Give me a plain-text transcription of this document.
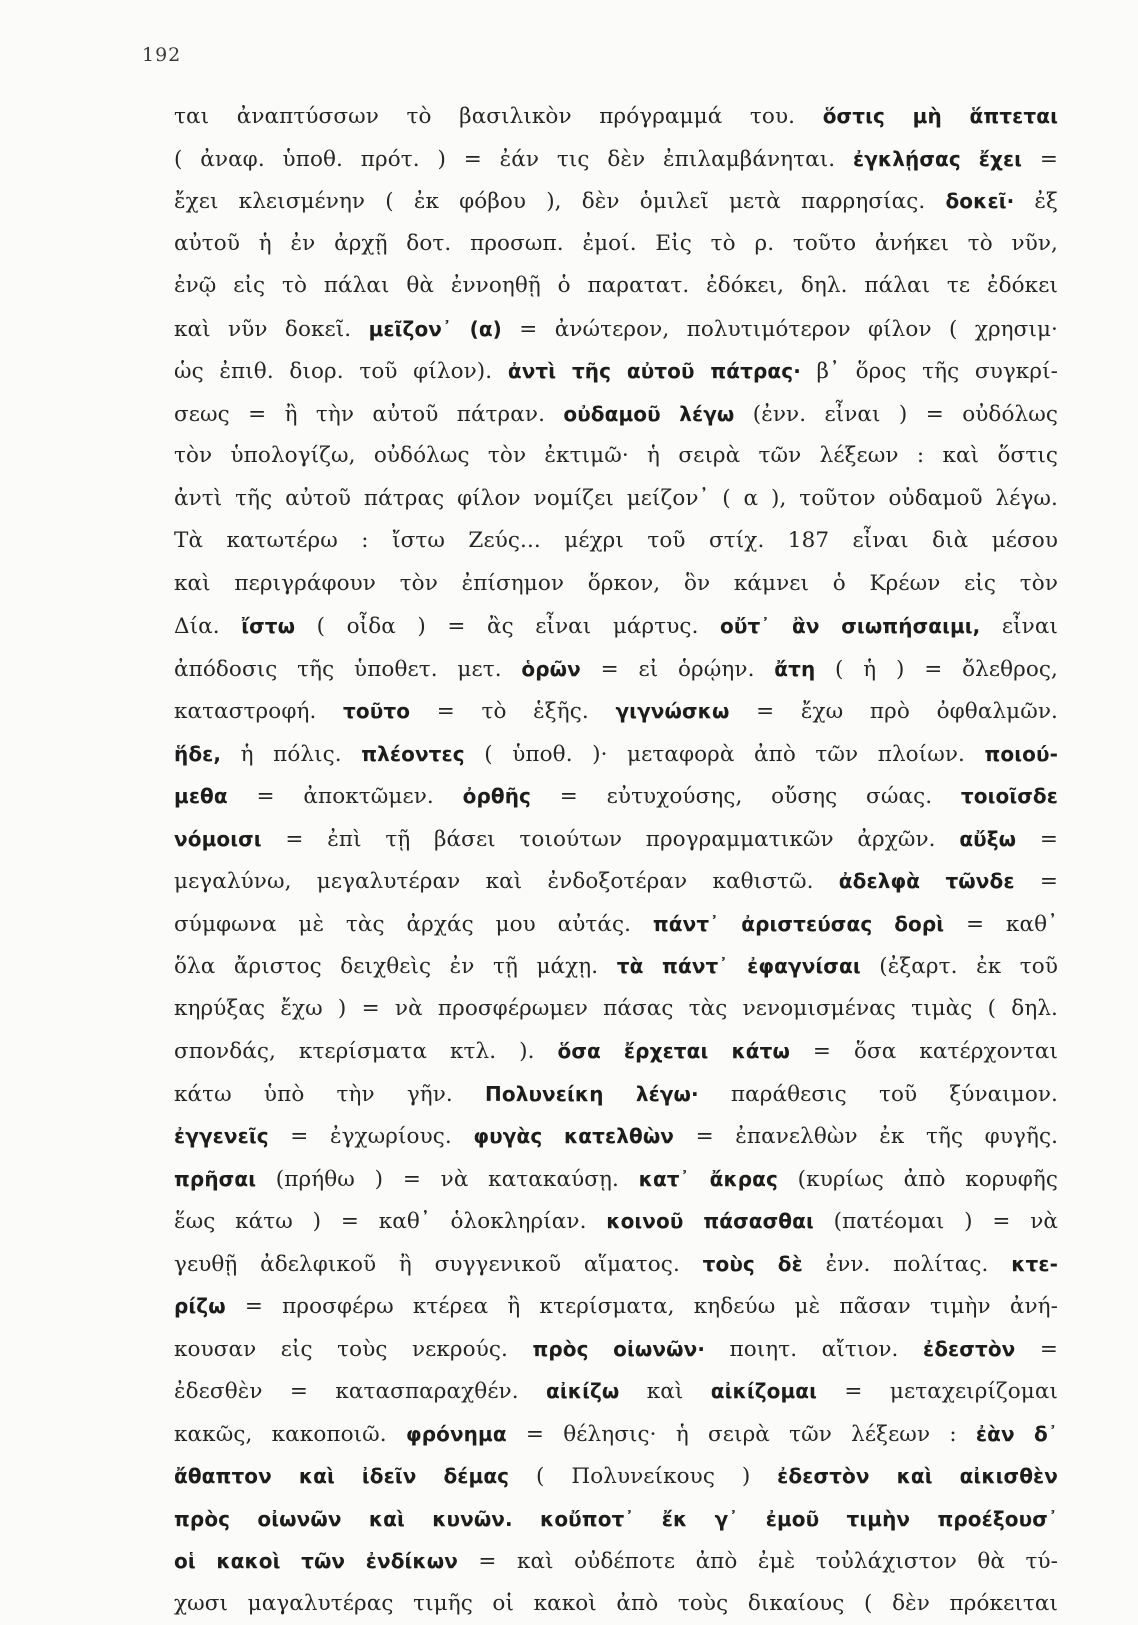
192
ται ἀναπτύσσων τὸ βασιλικὸν πρόγραμμά του. ὅστις μὴ ἅπτεται
( ἀναφ. ὑποθ. πρότ. ) = ἐάν τις δὲν ἐπιλαμβάνηται. ἐγκλῄσας ἔχει =
ἔχει κλεισμένην ( ἐκ φόβου ), δὲν ὁμιλεῖ μετὰ παρρησίας. δοκεῖ· ἐξ
αὐτοῦ ἡ ἐν ἀρχῇ δοτ. προσωπ. ἐμοί. Εἰς τὸ ρ. τοῦτο ἀνήκει τὸ νῦν,
ἐνῷ εἰς τὸ πάλαι θὰ ἐννοηθῇ ὁ παρατατ. ἐδόκει, δηλ. πάλαι τε ἐδόκει
καὶ νῦν δοκεῖ. μεῖζον᾿ (α) = ἀνώτερον, πολυτιμότερον φίλον ( χρησιμ·
ὡς ἐπιθ. διορ. τοῦ φίλον). ἀντὶ τῆς αὐτοῦ πάτρας· β᾿ ὅρος τῆς συγκρί-
σεως = ἢ τὴν αὐτοῦ πάτραν. οὐδαμοῦ λέγω (ἐνν. εἶναι ) = οὐδόλως
τὸν ὑπολογίζω, οὐδόλως τὸν ἐκτιμῶ· ἡ σειρὰ τῶν λέξεων : καὶ ὅστις
ἀντὶ τῆς αὐτοῦ πάτρας φίλον νομίζει μείζον᾿ ( α ), τοῦτον οὐδαμοῦ λέγω.
Τὰ κατωτέρω : ἴστω Ζεύς... μέχρι τοῦ στίχ. 187 εἶναι διὰ μέσου
καὶ περιγράφουν τὸν ἐπίσημον ὅρκον, ὃν κάμνει ὁ Κρέων εἰς τὸν
Δία. ἴστω ( οἶδα ) = ἂς εἶναι μάρτυς. οὔτ᾿ ἂν σιωπήσαιμι, εἶναι
ἀπόδοσις τῆς ὑποθετ. μετ. ὁρῶν = εἰ ὁρῴην. ἄτη ( ἡ ) = ὄλεθρος,
καταστροφή. τοῦτο = τὸ ἑξῆς. γιγνώσκω = ἔχω πρὸ ὀφθαλμῶν.
ἥδε, ἡ πόλις. πλέοντες ( ὑποθ. )· μεταφορὰ ἀπὸ τῶν πλοίων. ποιού-
μεθα = ἀποκτῶμεν. ὀρθῆς = εὐτυχούσης, οὔσης σώας. τοιοῖσδε
νόμοισι = ἐπὶ τῇ βάσει τοιούτων προγραμματικῶν ἀρχῶν. αὔξω =
μεγαλύνω, μεγαλυτέραν καὶ ἐνδοξοτέραν καθιστῶ. ἀδελφὰ τῶνδε =
σύμφωνα μὲ τὰς ἀρχάς μου αὐτάς. πάντ᾿ ἀριστεύσας δορὶ = καθ᾿
ὅλα ἄριστος δειχθεὶς ἐν τῇ μάχῃ. τὰ πάντ᾿ ἐφαγνίσαι (ἐξαρτ. ἐκ τοῦ
κηρύξας ἔχω ) = νὰ προσφέρωμεν πάσας τὰς νενομισμένας τιμὰς ( δηλ.
σπονδάς, κτερίσματα κτλ. ). ὅσα ἔρχεται κάτω = ὅσα κατέρχονται
κάτω ὑπὸ τὴν γῆν. Πολυνείκη λέγω· παράθεσις τοῦ ξύναιμον.
ἐγγενεῖς = ἐγχωρίους. φυγὰς κατελθὼν = ἐπανελθὼν ἐκ τῆς φυγῆς.
πρῆσαι (πρήθω ) = νὰ κατακαύσῃ. κατ᾿ ἄκρας (κυρίως ἀπὸ κορυφῆς
ἕως κάτω ) = καθ᾿ ὁλοκληρίαν. κοινοῦ πάσασθαι (πατέομαι ) = νὰ
γευθῇ ἀδελφικοῦ ἢ συγγενικοῦ αἵματος. τοὺς δὲ ἐνν. πολίτας. κτε-
ρίζω = προσφέρω κτέρεα ἢ κτερίσματα, κηδεύω μὲ πᾶσαν τιμὴν ἀνή-
κουσαν εἰς τοὺς νεκρούς. πρὸς οἰωνῶν· ποιητ. αἴτιον. ἐδεστὸν =
ἐδεσθὲν = κατασπαραχθέν. αἰκίζω καὶ αἰκίζομαι = μεταχειρίζομαι
κακῶς, κακοποιῶ. φρόνημα = θέλησις· ἡ σειρὰ τῶν λέξεων : ἐὰν δ᾿
ἄθαπτον καὶ ἰδεῖν δέμας ( Πολυνείκους ) ἐδεστὸν καὶ αἰκισθὲν
πρὸς οἰωνῶν καὶ κυνῶν. κοὔποτ᾿ ἔκ γ᾿ ἐμοῦ τιμὴν προέξουσ᾿
οἱ κακοὶ τῶν ἐνδίκων = καὶ οὐδέποτε ἀπὸ ἐμὲ τοὐλάχιστον θὰ τύ-
χωσι μαγαλυτέρας τιμῆς οἱ κακοὶ ἀπὸ τοὺς δικαίους ( δὲν πρόκειται
